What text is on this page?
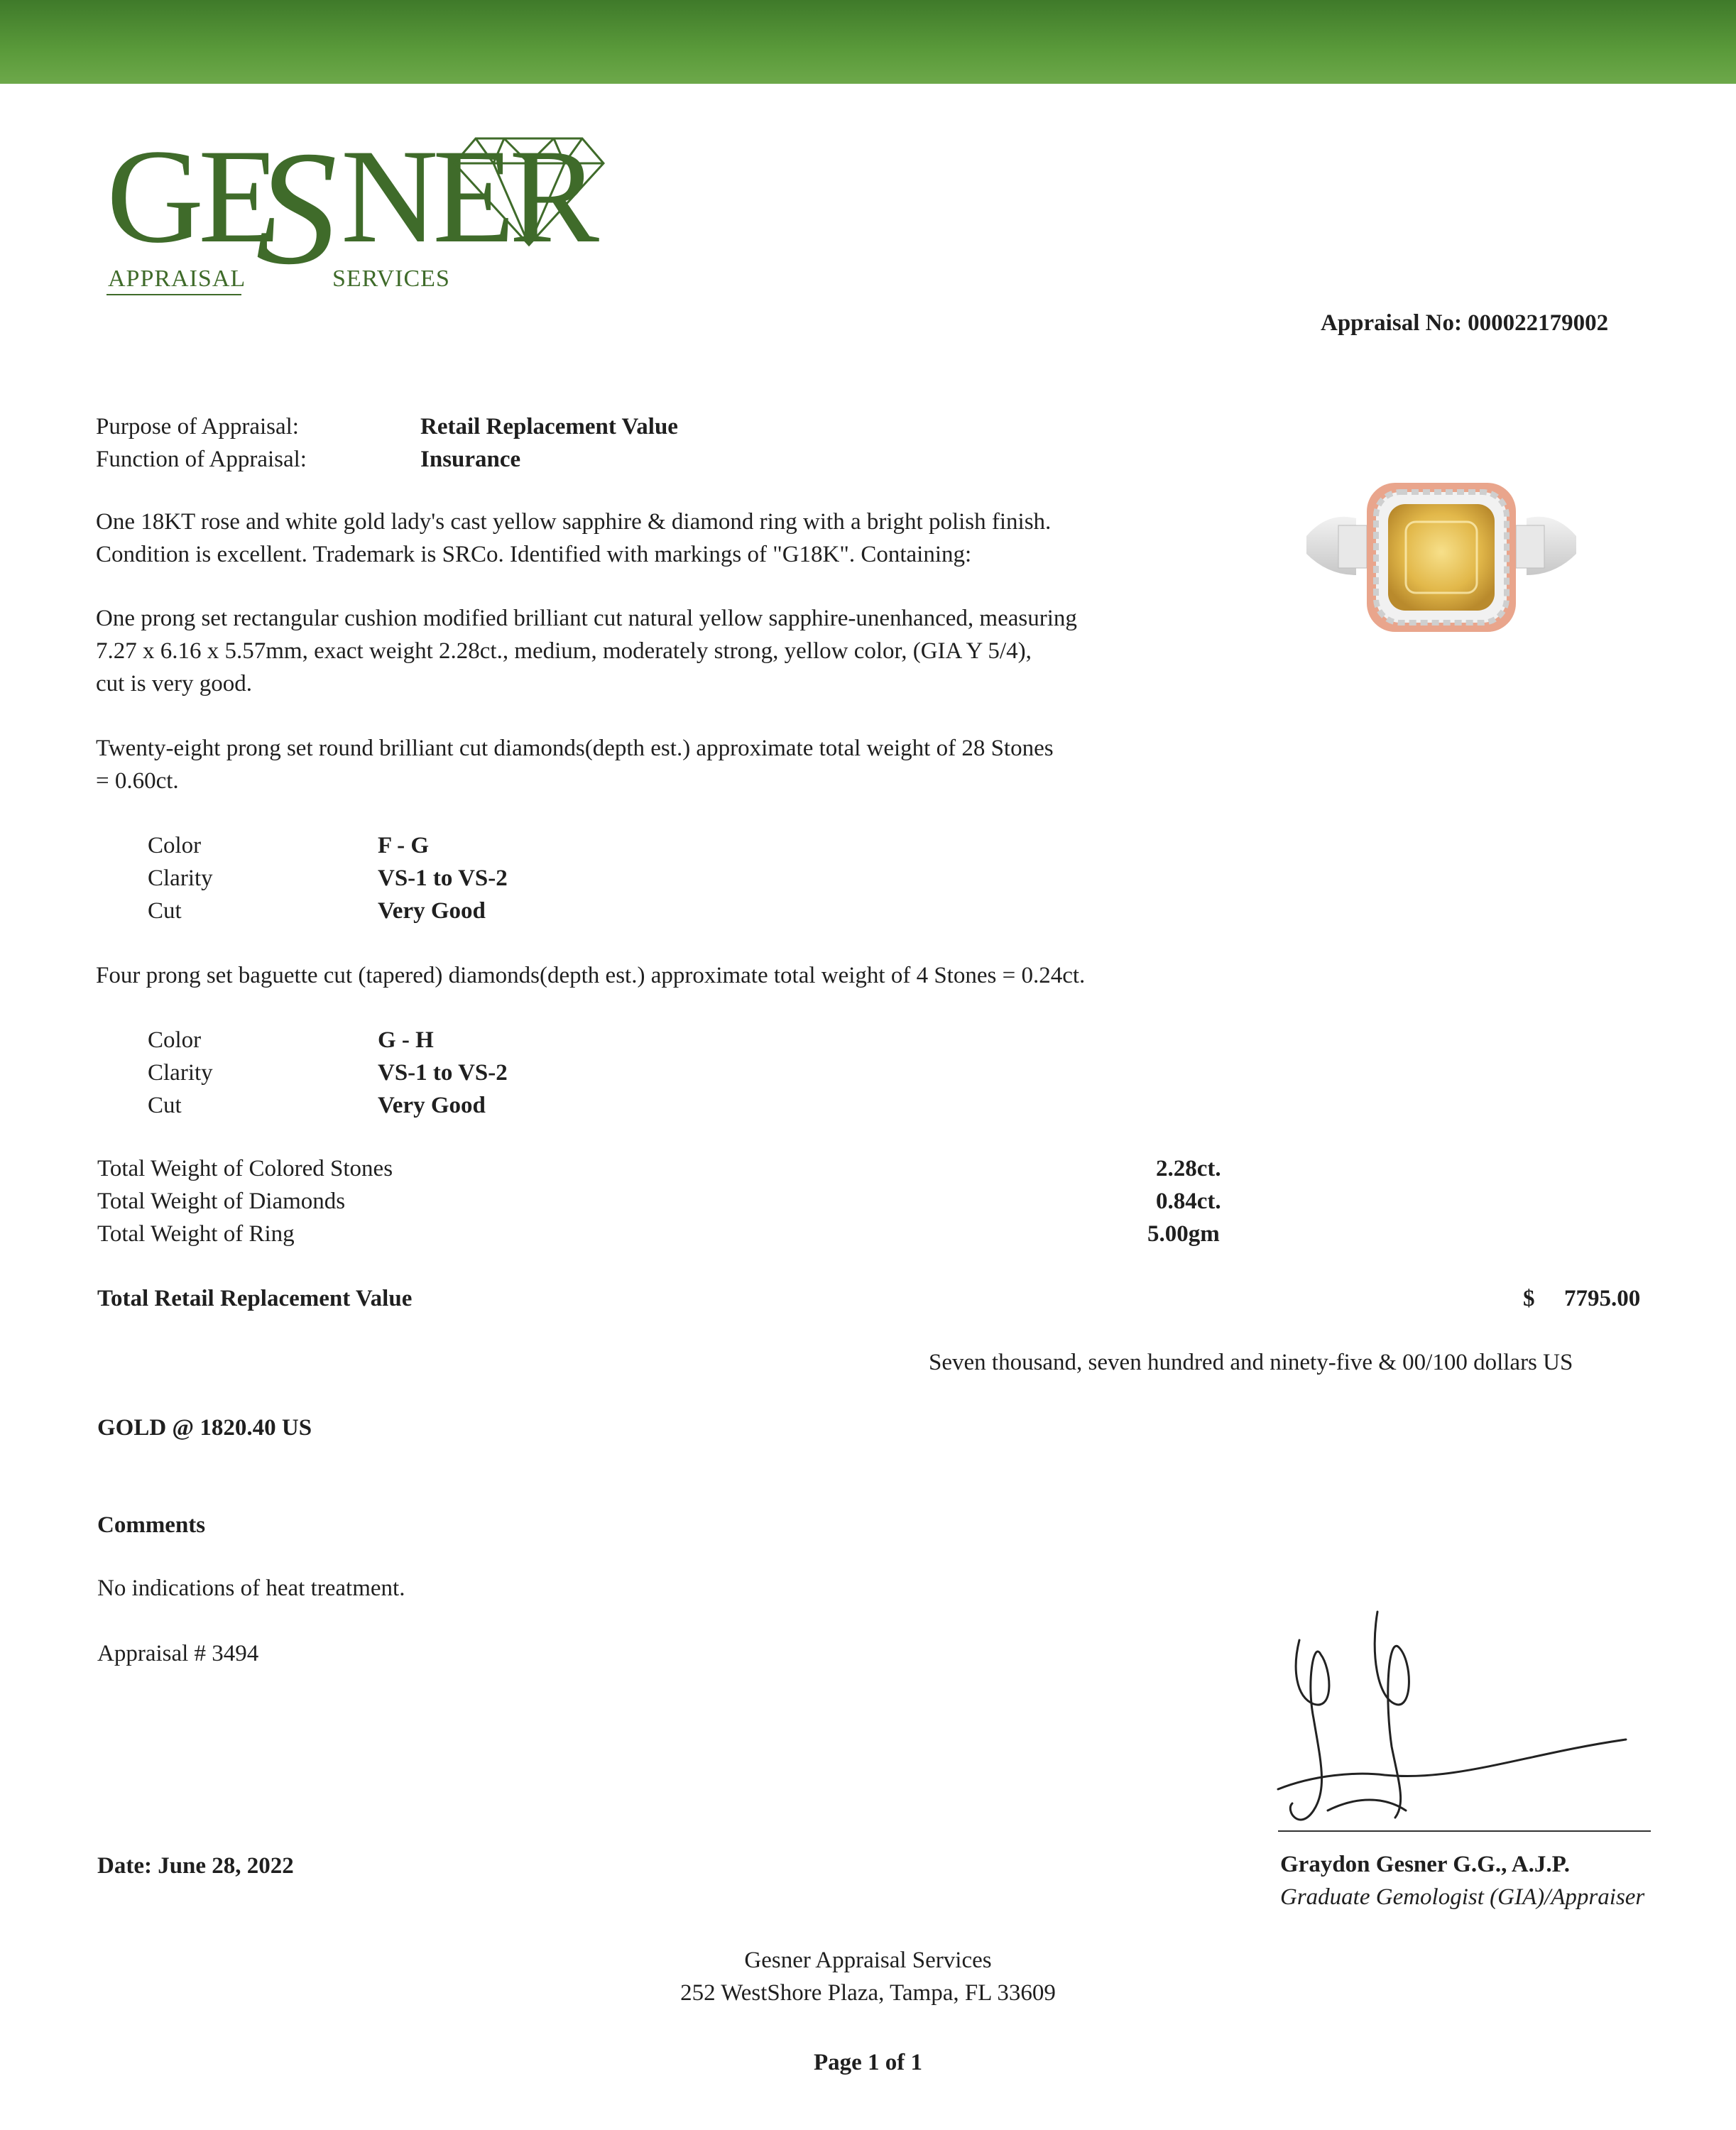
GE
S NER
APPRAISAL	SERVICES
Appraisal No: 000022179002
Purpose of Appraisal:	Retail Replacement Value
Function of Appraisal:	Insurance
One 18KT rose and white gold lady's cast yellow sapphire & diamond ring with a bright polish finish.
Condition is excellent. Trademark is SRCo. Identified with markings of "G18K". Containing:
One prong set rectangular cushion modified brilliant cut natural yellow sapphire-unenhanced, measuring
7.27 x 6.16 x 5.57mm, exact weight 2.28ct., medium, moderately strong, yellow color, (GIA Y 5/4),
cut is very good.
Twenty-eight prong set round brilliant cut diamonds(depth est.) approximate total weight of 28 Stones
= 0.60ct.
Color	F - G
Clarity	VS-1 to VS-2
Cut	Very Good
Four prong set baguette cut (tapered) diamonds(depth est.) approximate total weight of 4 Stones = 0.24ct.
Color	G - H
Clarity	VS-1 to VS-2
Cut	Very Good
Total Weight of Colored Stones	2.28ct.
Total Weight of Diamonds	0.84ct.
Total Weight of Ring	5.00gm
Total Retail Replacement Value	$ 7795.00
Seven thousand, seven hundred and ninety-five & 00/100 dollars US
GOLD @ 1820.40 US
Comments
No indications of heat treatment.
Appraisal # 3494
Graydon Gesner G.G., A.J.P.
Graduate Gemologist (GIA)/Appraiser
Date: June 28, 2022
Gesner Appraisal Services
252 WestShore Plaza, Tampa, FL 33609
Page 1 of 1
